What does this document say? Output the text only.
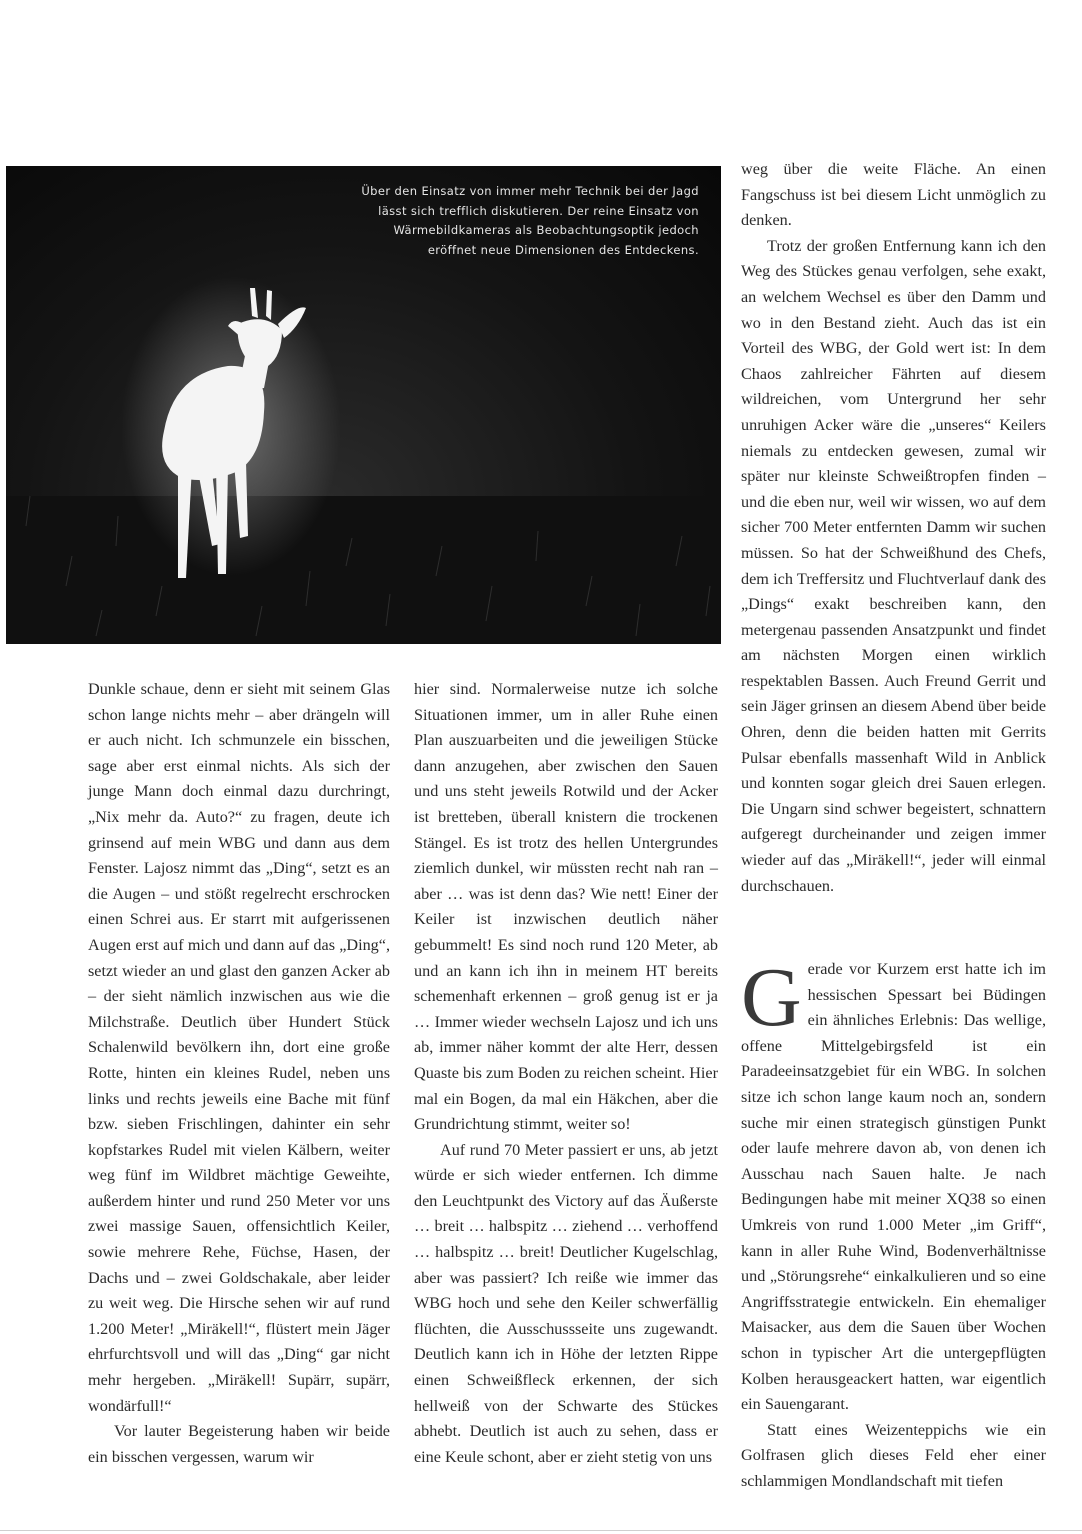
Über den Einsatz von immer mehr Technik bei der Jagd lässt sich trefflich diskutieren. Der reine Einsatz von Wärmebildkameras als Beobachtungsoptik jedoch eröffnet neue Dimensionen des Entdeckens.

Dunkle schaue, denn er sieht mit seinem Glas schon lange nichts mehr – aber drängeln will er auch nicht. Ich schmunzele ein bisschen, sage aber erst einmal nichts. Als sich der junge Mann doch einmal dazu durchringt, „Nix mehr da. Auto?“ zu fragen, deute ich grinsend auf mein WBG und dann aus dem Fenster. Lajosz nimmt das „Ding“, setzt es an die Augen – und stößt regelrecht erschrocken einen Schrei aus. Er starrt mit aufgerissenen Augen erst auf mich und dann auf das „Ding“, setzt wieder an und glast den ganzen Acker ab – der sieht nämlich inzwischen aus wie die Milchstraße. Deutlich über Hundert Stück Schalenwild bevölkern ihn, dort eine große Rotte, hinten ein kleines Rudel, neben uns links und rechts jeweils eine Bache mit fünf bzw. sieben Frischlingen, dahinter ein sehr kopfstarkes Rudel mit vielen Kälbern, weiter weg fünf im Wildbret mächtige Geweihte, außerdem hinter und rund 250 Meter vor uns zwei massige Sauen, offensichtlich Keiler, sowie mehrere Rehe, Füchse, Hasen, der Dachs und – zwei Goldschakale, aber leider zu weit weg. Die Hirsche sehen wir auf rund 1.200 Meter! „Miräkell!“, flüstert mein Jäger ehrfurchtsvoll und will das „Ding“ gar nicht mehr hergeben. „Miräkell! Supärr, supärr, wondärfull!“

Vor lauter Begeisterung haben wir beide ein bisschen vergessen, warum wir

hier sind. Normalerweise nutze ich solche Situationen immer, um in aller Ruhe einen Plan auszuarbeiten und die jeweiligen Stücke dann anzugehen, aber zwischen den Sauen und uns steht jeweils Rotwild und der Acker ist bretteben, überall knistern die trockenen Stängel. Es ist trotz des hellen Untergrundes ziemlich dunkel, wir müssten recht nah ran – aber … was ist denn das? Wie nett! Einer der Keiler ist inzwischen deutlich näher gebummelt! Es sind noch rund 120 Meter, ab und an kann ich ihn in meinem HT bereits schemenhaft erkennen – groß genug ist er ja … Immer wieder wechseln Lajosz und ich uns ab, immer näher kommt der alte Herr, dessen Quaste bis zum Boden zu reichen scheint. Hier mal ein Bogen, da mal ein Häkchen, aber die Grundrichtung stimmt, weiter so!

Auf rund 70 Meter passiert er uns, ab jetzt würde er sich wieder entfernen. Ich dimme den Leuchtpunkt des Victory auf das Äußerste … breit … halbspitz … ziehend … verhoffend … halbspitz … breit! Deutlicher Kugelschlag, aber was passiert? Ich reiße wie immer das WBG hoch und sehe den Keiler schwerfällig flüchten, die Ausschussseite uns zugewandt. Deutlich kann ich in Höhe der letzten Rippe einen Schweißfleck erkennen, der sich hellweiß von der Schwarte des Stückes abhebt. Deutlich ist auch zu sehen, dass er eine Keule schont, aber er zieht stetig von uns

weg über die weite Fläche. An einen Fangschuss ist bei diesem Licht unmöglich zu denken.

Trotz der großen Entfernung kann ich den Weg des Stückes genau verfolgen, sehe exakt, an welchem Wechsel es über den Damm und wo in den Bestand zieht. Auch das ist ein Vorteil des WBG, der Gold wert ist: In dem Chaos zahlreicher Fährten auf diesem wildreichen, vom Untergrund her sehr unruhigen Acker wäre die „unseres“ Keilers niemals zu entdecken gewesen, zumal wir später nur kleinste Schweißtropfen finden – und die eben nur, weil wir wissen, wo auf dem sicher 700 Meter entfernten Damm wir suchen müssen. So hat der Schweißhund des Chefs, dem ich Treffersitz und Fluchtverlauf dank des „Dings“ exakt beschreiben kann, den metergenau passenden Ansatzpunkt und findet am nächsten Morgen einen wirklich respektablen Bassen. Auch Freund Gerrit und sein Jäger grinsen an diesem Abend über beide Ohren, denn die beiden hatten mit Gerrits Pulsar ebenfalls massenhaft Wild in Anblick und konnten sogar gleich drei Sauen erlegen. Die Ungarn sind schwer begeistert, schnattern aufgeregt durcheinander und zeigen immer wieder auf das „Miräkell!“, jeder will einmal durchschauen.

Gerade vor Kurzem erst hatte ich im hessischen Spessart bei Büdingen ein ähnliches Erlebnis: Das wellige, offene Mittelgebirgsfeld ist ein Paradeeinsatzgebiet für ein WBG. In solchen sitze ich schon lange kaum noch an, sondern suche mir einen strategisch günstigen Punkt oder laufe mehrere davon ab, von denen ich Ausschau nach Sauen halte. Je nach Bedingungen habe mit meiner XQ38 so einen Umkreis von rund 1.000 Meter „im Griff“, kann in aller Ruhe Wind, Bodenverhältnisse und „Störungsrehe“ einkalkulieren und so eine Angriffsstrategie entwickeln. Ein ehemaliger Maisacker, aus dem die Sauen über Wochen schon in typischer Art die untergepflügten Kolben herausgeackert hatten, war eigentlich ein Sauengarant.

Statt eines Weizenteppichs wie ein Golfrasen glich dieses Feld eher einer schlammigen Mondlandschaft mit tiefen
